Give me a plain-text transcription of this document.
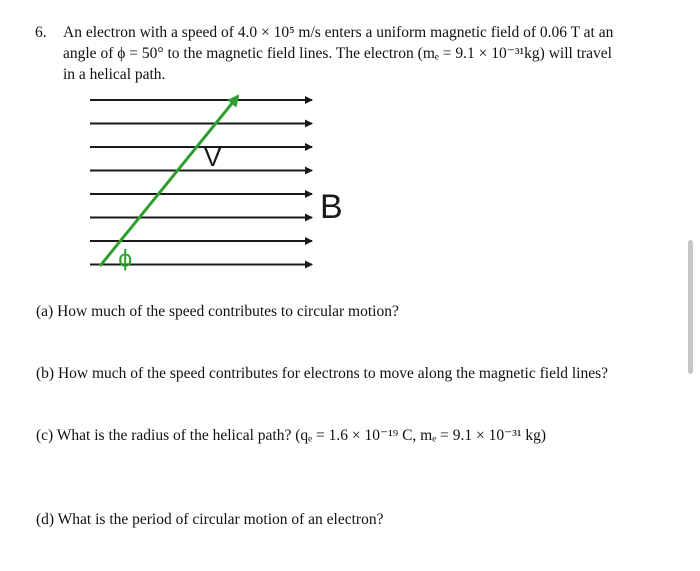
6. An electron with a speed of 4.0 × 10⁵ m/s enters a uniform magnetic field of 0.06 T at an
angle of ϕ = 50° to the magnetic field lines. The electron (mₑ = 9.1 × 10⁻³¹kg) will travel
in a helical path.
V
B
ϕ
(a) How much of the speed contributes to circular motion?
(b) How much of the speed contributes for electrons to move along the magnetic field lines?
(c) What is the radius of the helical path? (qₑ = 1.6 × 10⁻¹⁹ C, mₑ = 9.1 × 10⁻³¹ kg)
(d) What is the period of circular motion of an electron?
